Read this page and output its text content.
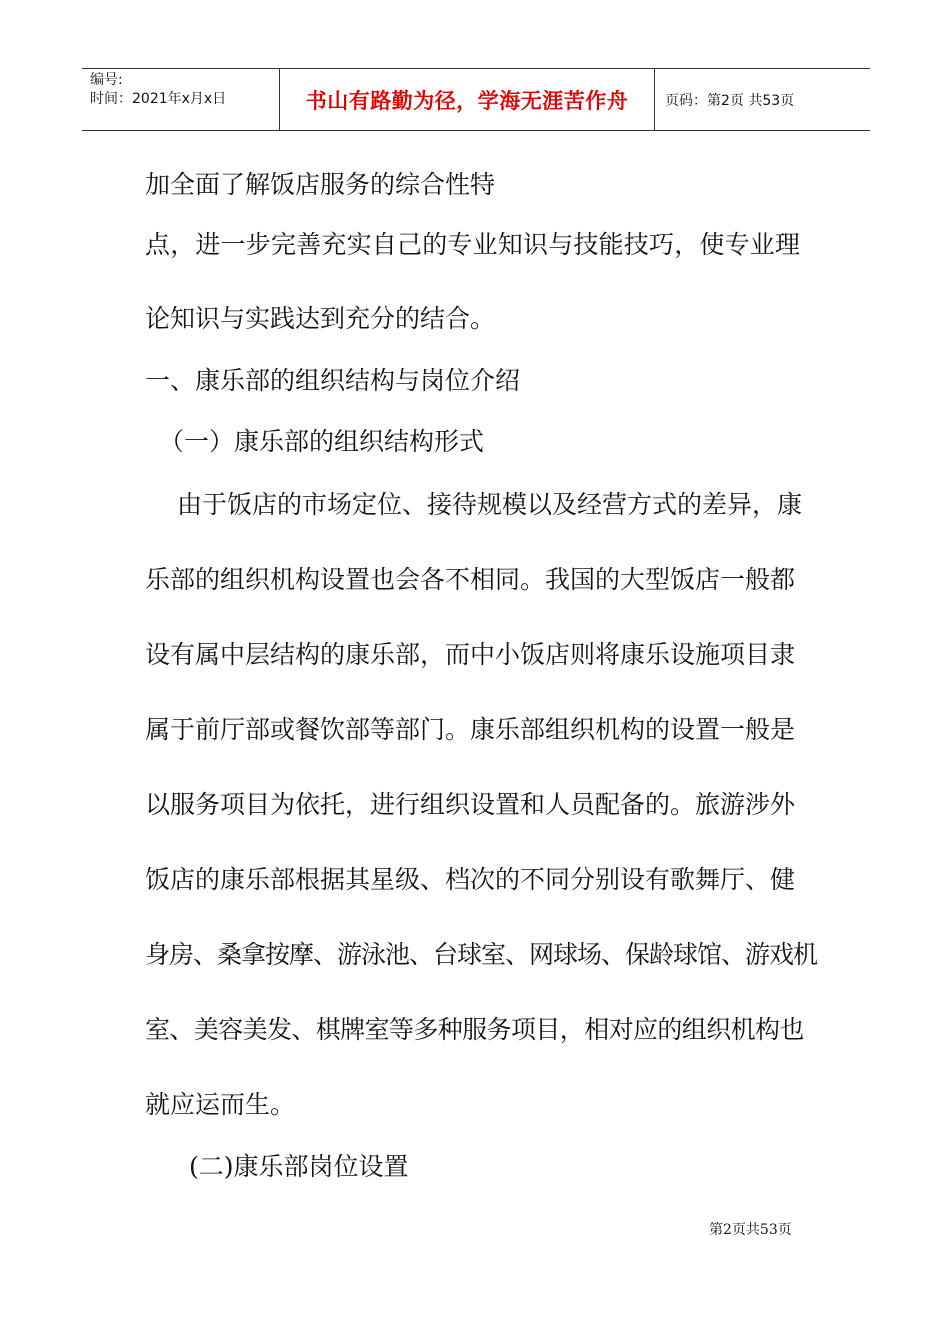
编号:
时间：2021年x月x日	书山有路勤为径，学海无涯苦作舟	页码：第2页 共53页
加全面了解饭店服务的综合性特
点，进一步完善充实自己的专业知识与技能技巧，使专业理
论知识与实践达到充分的结合。
一、康乐部的组织结构与岗位介绍
（一）康乐部的组织结构形式
由于饭店的市场定位、接待规模以及经营方式的差异，康
乐部的组织机构设置也会各不相同。我国的大型饭店一般都
设有属中层结构的康乐部，而中小饭店则将康乐设施项目隶
属于前厅部或餐饮部等部门。康乐部组织机构的设置一般是
以服务项目为依托，进行组织设置和人员配备的。旅游涉外
饭店的康乐部根据其星级、档次的不同分别设有歌舞厅、健
身房、桑拿按摩、游泳池、台球室、网球场、保龄球馆、游戏机
室、美容美发、棋牌室等多种服务项目，相对应的组织机构也
就应运而生。
(二)康乐部岗位设置
第2页共53页
